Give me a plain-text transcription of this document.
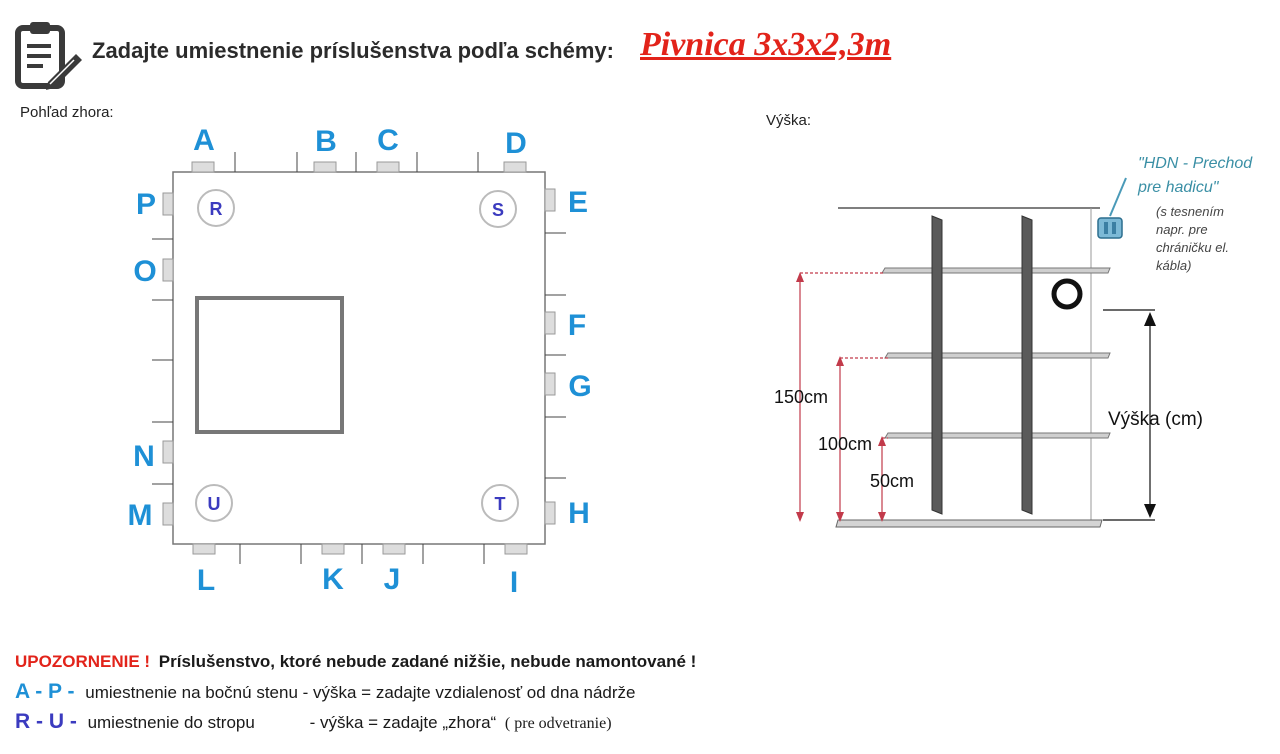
Zadajte umiestnenie príslušenstva podľa schémy: Pivnica 3x3x2,3m
Pohľad zhora:	Výška:
R	S
U	T
A	B C	D
E
F
G
H
I
J
K
L
M
N
O
P
150cm
100cm
50cm
Výška (cm)
"HDN - Prechod
pre hadicu"
(s tesnením
napr. pre
chráničku el.
kábla)
UPOZORNENIE ! Príslušenstvo, ktoré nebude zadané nižšie, nebude namontované !
A - P - umiestnenie na bočnú stenu - výška = zadajte vzdialenosť od dna nádrže
R - U - umiestnenie do stropu	- výška = zadajte „zhora“ ( pre odvetranie)
